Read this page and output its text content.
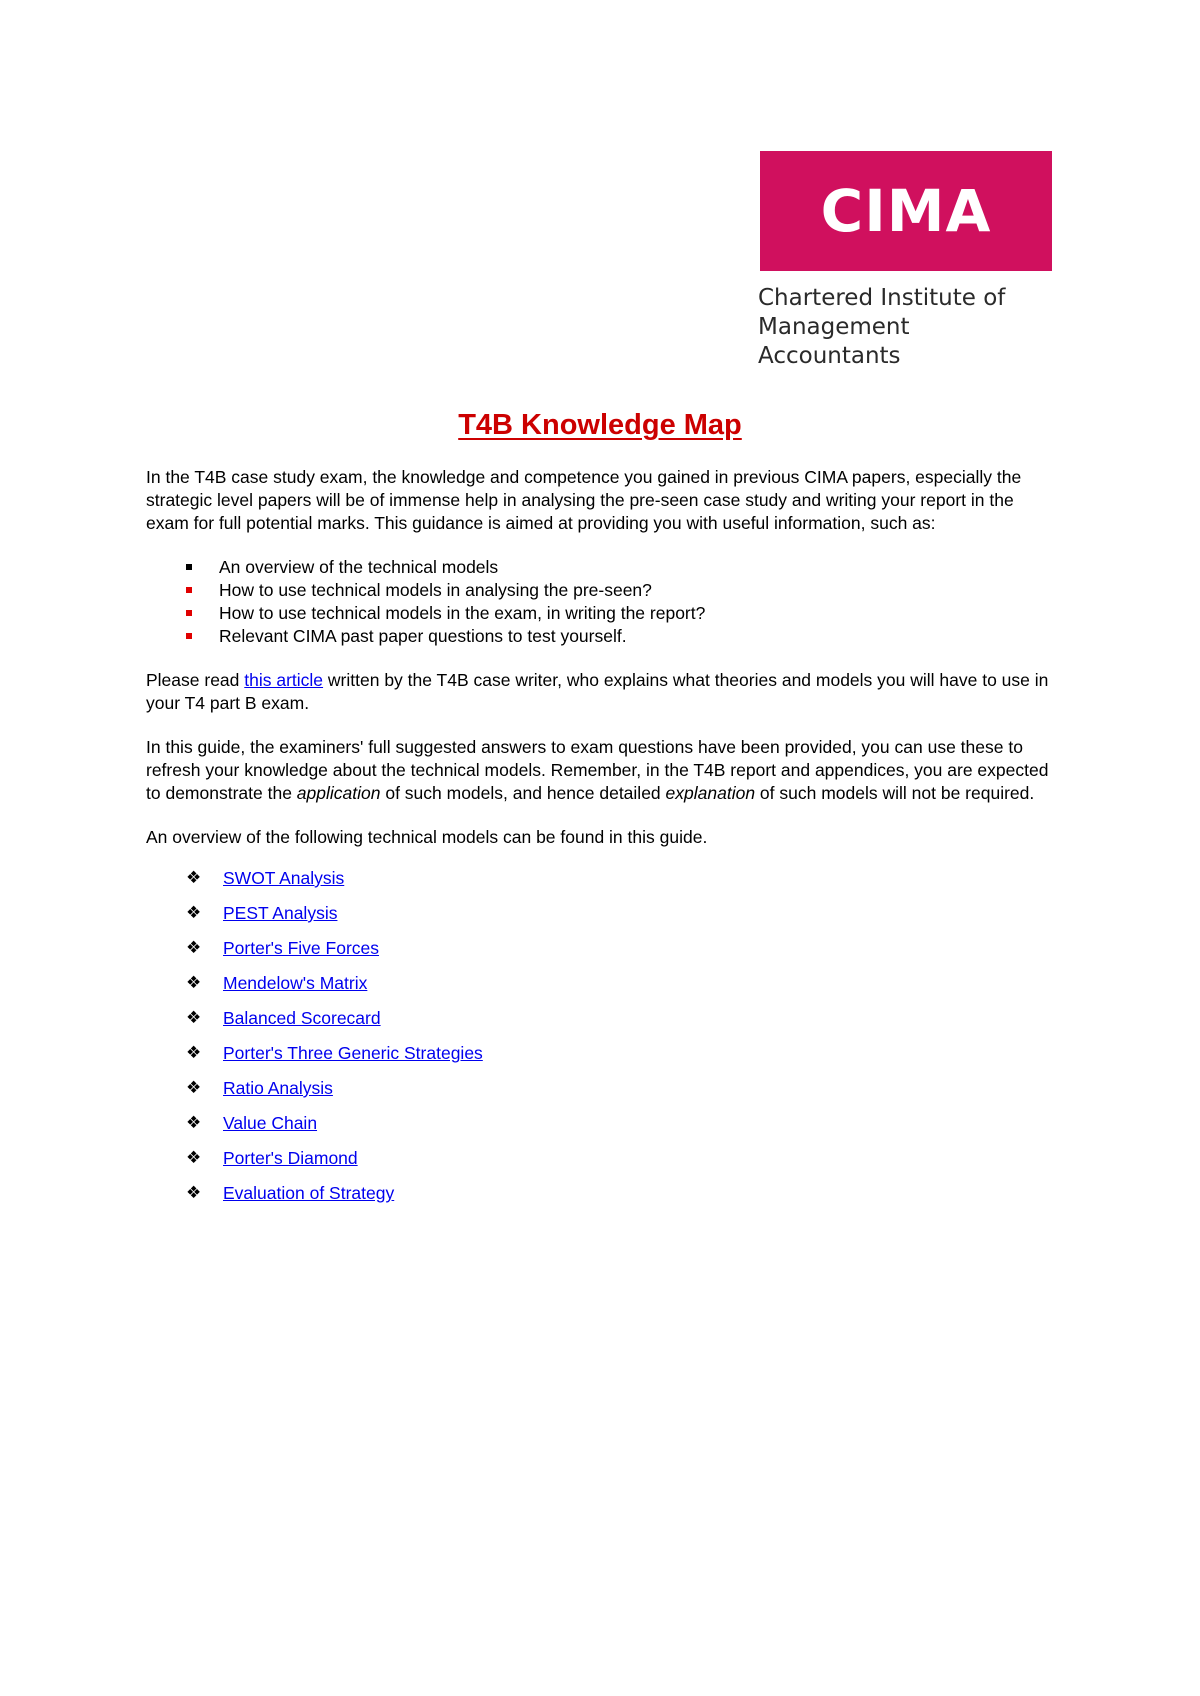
CIMA
Chartered Institute of
Management Accountants
T4B Knowledge Map

In the T4B case study exam, the knowledge and competence you gained in previous CIMA papers, especially the strategic level papers will be of immense help in analysing the pre-seen case study and writing your report in the exam for full potential marks. This guidance is aimed at providing you with useful information, such as:

An overview of the technical models
How to use technical models in analysing the pre-seen?
How to use technical models in the exam, in writing the report?
Relevant CIMA past paper questions to test yourself.

Please read this article written by the T4B case writer, who explains what theories and models you will have to use in your T4 part B exam.

In this guide, the examiners' full suggested answers to exam questions have been provided, you can use these to refresh your knowledge about the technical models. Remember, in the T4B report and appendices, you are expected to demonstrate the application of such models, and hence detailed explanation of such models will not be required.

An overview of the following technical models can be found in this guide.

❖ SWOT Analysis
❖ PEST Analysis
❖ Porter's Five Forces
❖ Mendelow's Matrix
❖ Balanced Scorecard
❖ Porter's Three Generic Strategies
❖ Ratio Analysis
❖ Value Chain
❖ Porter's Diamond
❖ Evaluation of Strategy
